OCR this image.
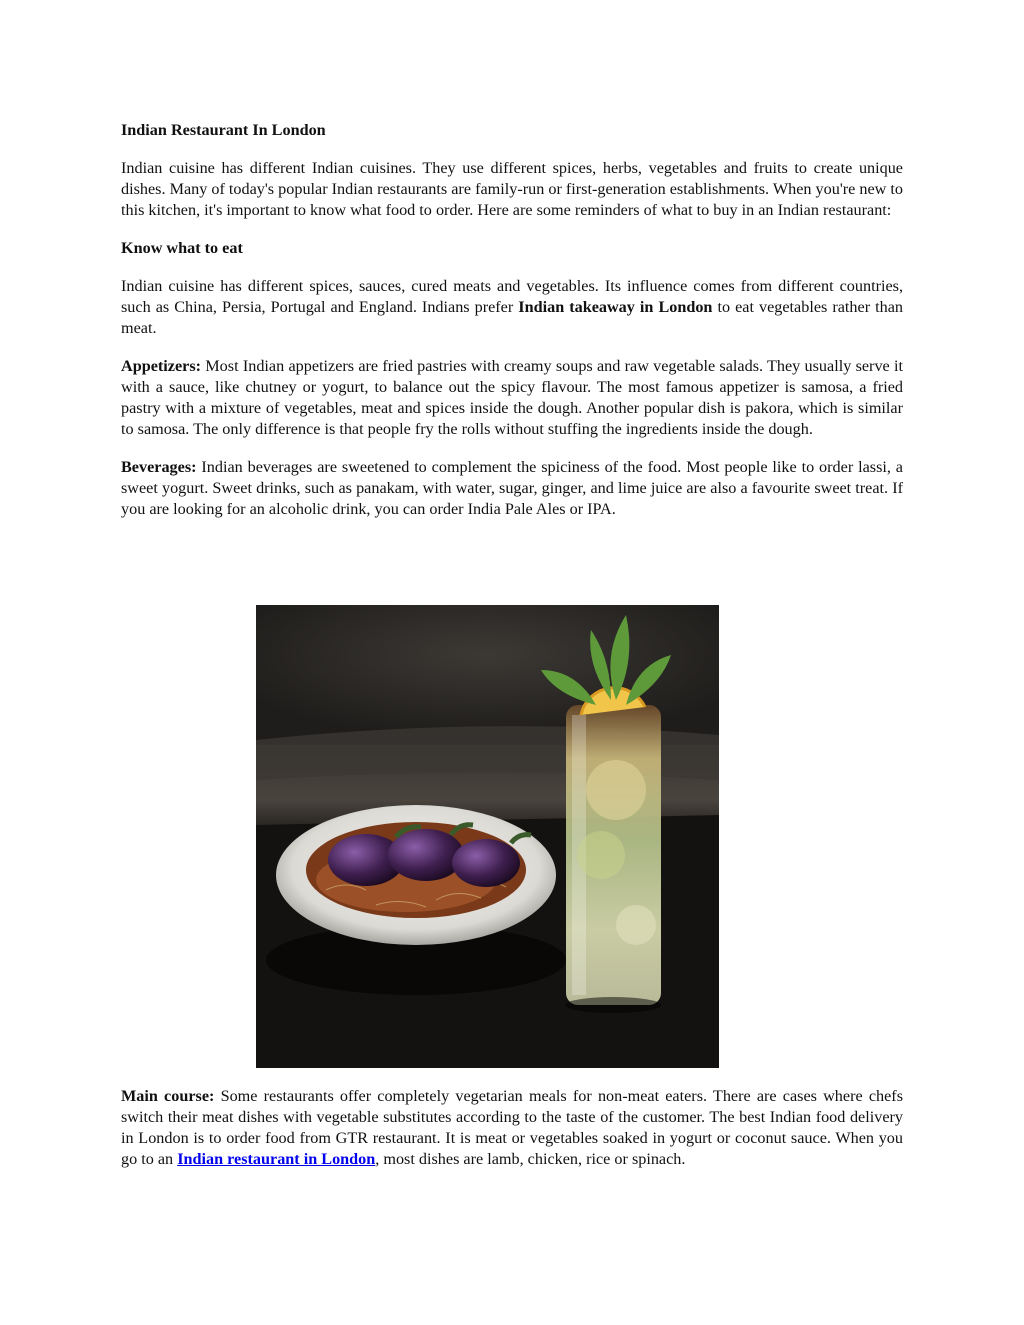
Indian Restaurant In London

Indian cuisine has different Indian cuisines. They use different spices, herbs, vegetables and fruits to create unique dishes. Many of today's popular Indian restaurants are family-run or first-generation establishments. When you're new to this kitchen, it's important to know what food to order. Here are some reminders of what to buy in an Indian restaurant:

Know what to eat

Indian cuisine has different spices, sauces, cured meats and vegetables. Its influence comes from different countries, such as China, Persia, Portugal and England. Indians prefer Indian takeaway in London to eat vegetables rather than meat.

Appetizers: Most Indian appetizers are fried pastries with creamy soups and raw vegetable salads. They usually serve it with a sauce, like chutney or yogurt, to balance out the spicy flavour. The most famous appetizer is samosa, a fried pastry with a mixture of vegetables, meat and spices inside the dough. Another popular dish is pakora, which is similar to samosa. The only difference is that people fry the rolls without stuffing the ingredients inside the dough.

Beverages: Indian beverages are sweetened to complement the spiciness of the food. Most people like to order lassi, a sweet yogurt. Sweet drinks, such as panakam, with water, sugar, ginger, and lime juice are also a favourite sweet treat. If you are looking for an alcoholic drink, you can order India Pale Ales or IPA.

Main course: Some restaurants offer completely vegetarian meals for non-meat eaters. There are cases where chefs switch their meat dishes with vegetable substitutes according to the taste of the customer. The best Indian food delivery in London is to order food from GTR restaurant. It is meat or vegetables soaked in yogurt or coconut sauce. When you go to an Indian restaurant in London, most dishes are lamb, chicken, rice or spinach.
